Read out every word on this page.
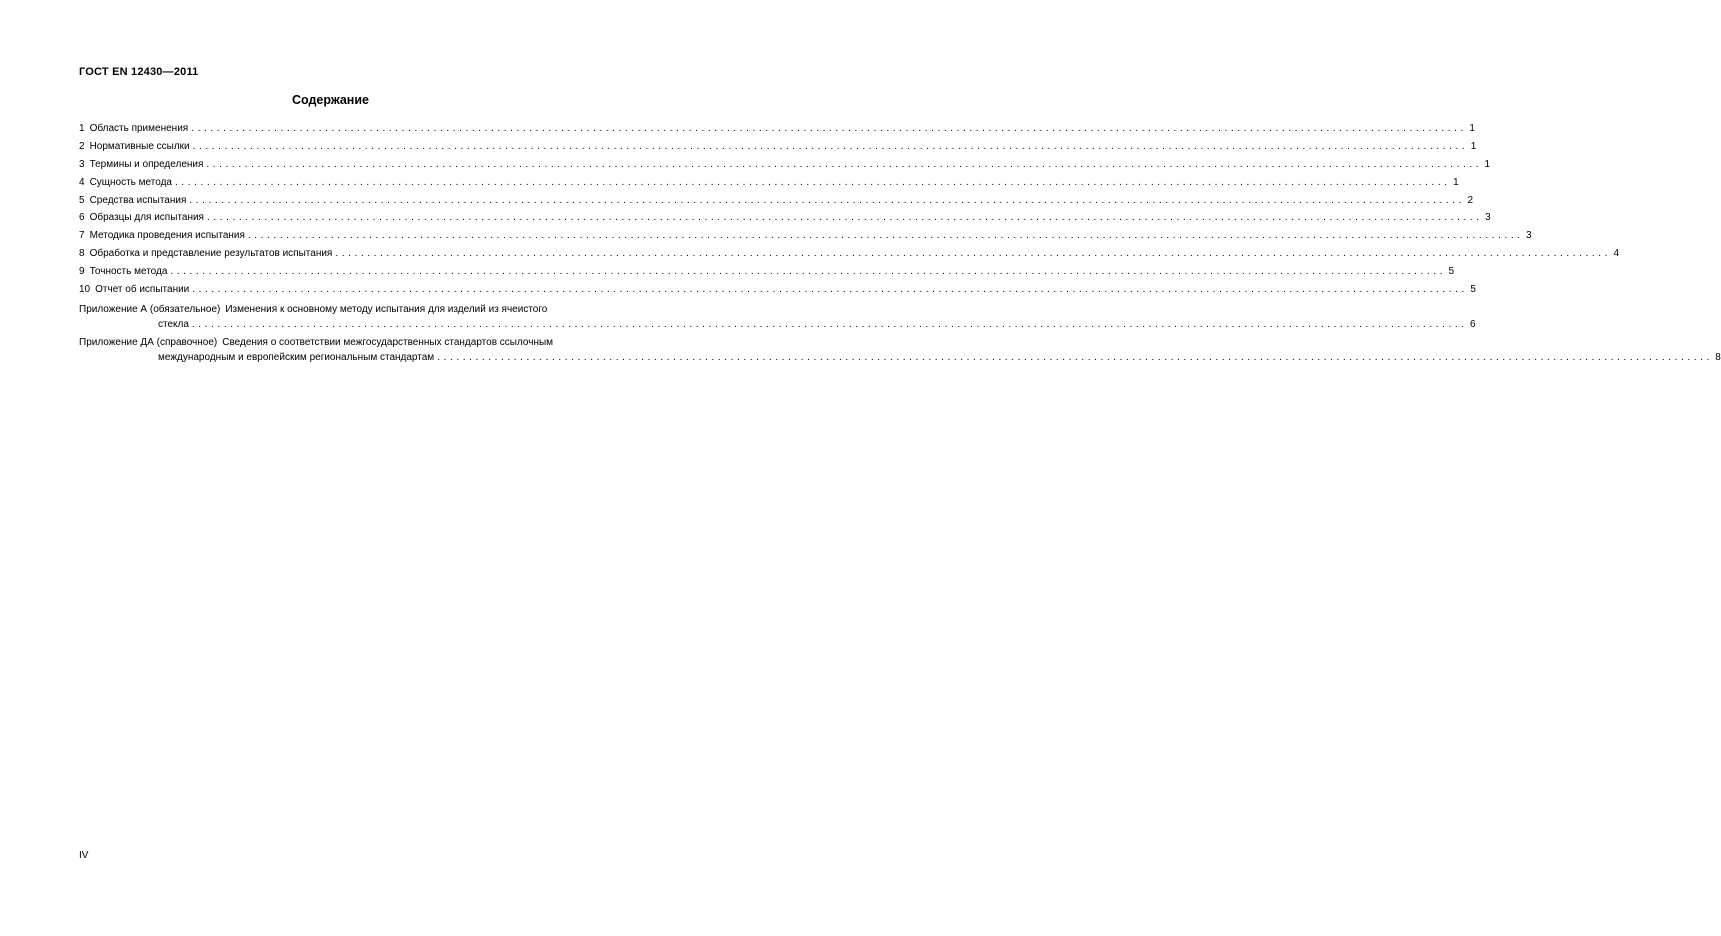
ГОСТ EN 12430—2011
Содержание
1 Область применения ........................................................................................................................................................................................................ 1
2 Нормативные ссылки ........................................................................................................................................................................................................ 1
3 Термины и определения ........................................................................................................................................................................................................ 1
4 Сущность метода ........................................................................................................................................................................................................ 1
5 Средства испытания ........................................................................................................................................................................................................ 2
6 Образцы для испытания ........................................................................................................................................................................................................ 3
7 Методика проведения испытания ........................................................................................................................................................................................................ 3
8 Обработка и представление результатов испытания ........................................................................................................................................................................................................ 4
9 Точность метода ........................................................................................................................................................................................................ 5
10 Отчет об испытании ........................................................................................................................................................................................................ 5
Приложение А (обязательное) Изменения к основному методу испытания для изделий из ячеистого
стекла ........................................................................................................................................................................................................ 6
Приложение ДА (справочное) Сведения о соответствии межгосударственных стандартов ссылочным
международным и европейским региональным стандартам ........................................................................................................................................................................................................ 8
IV
